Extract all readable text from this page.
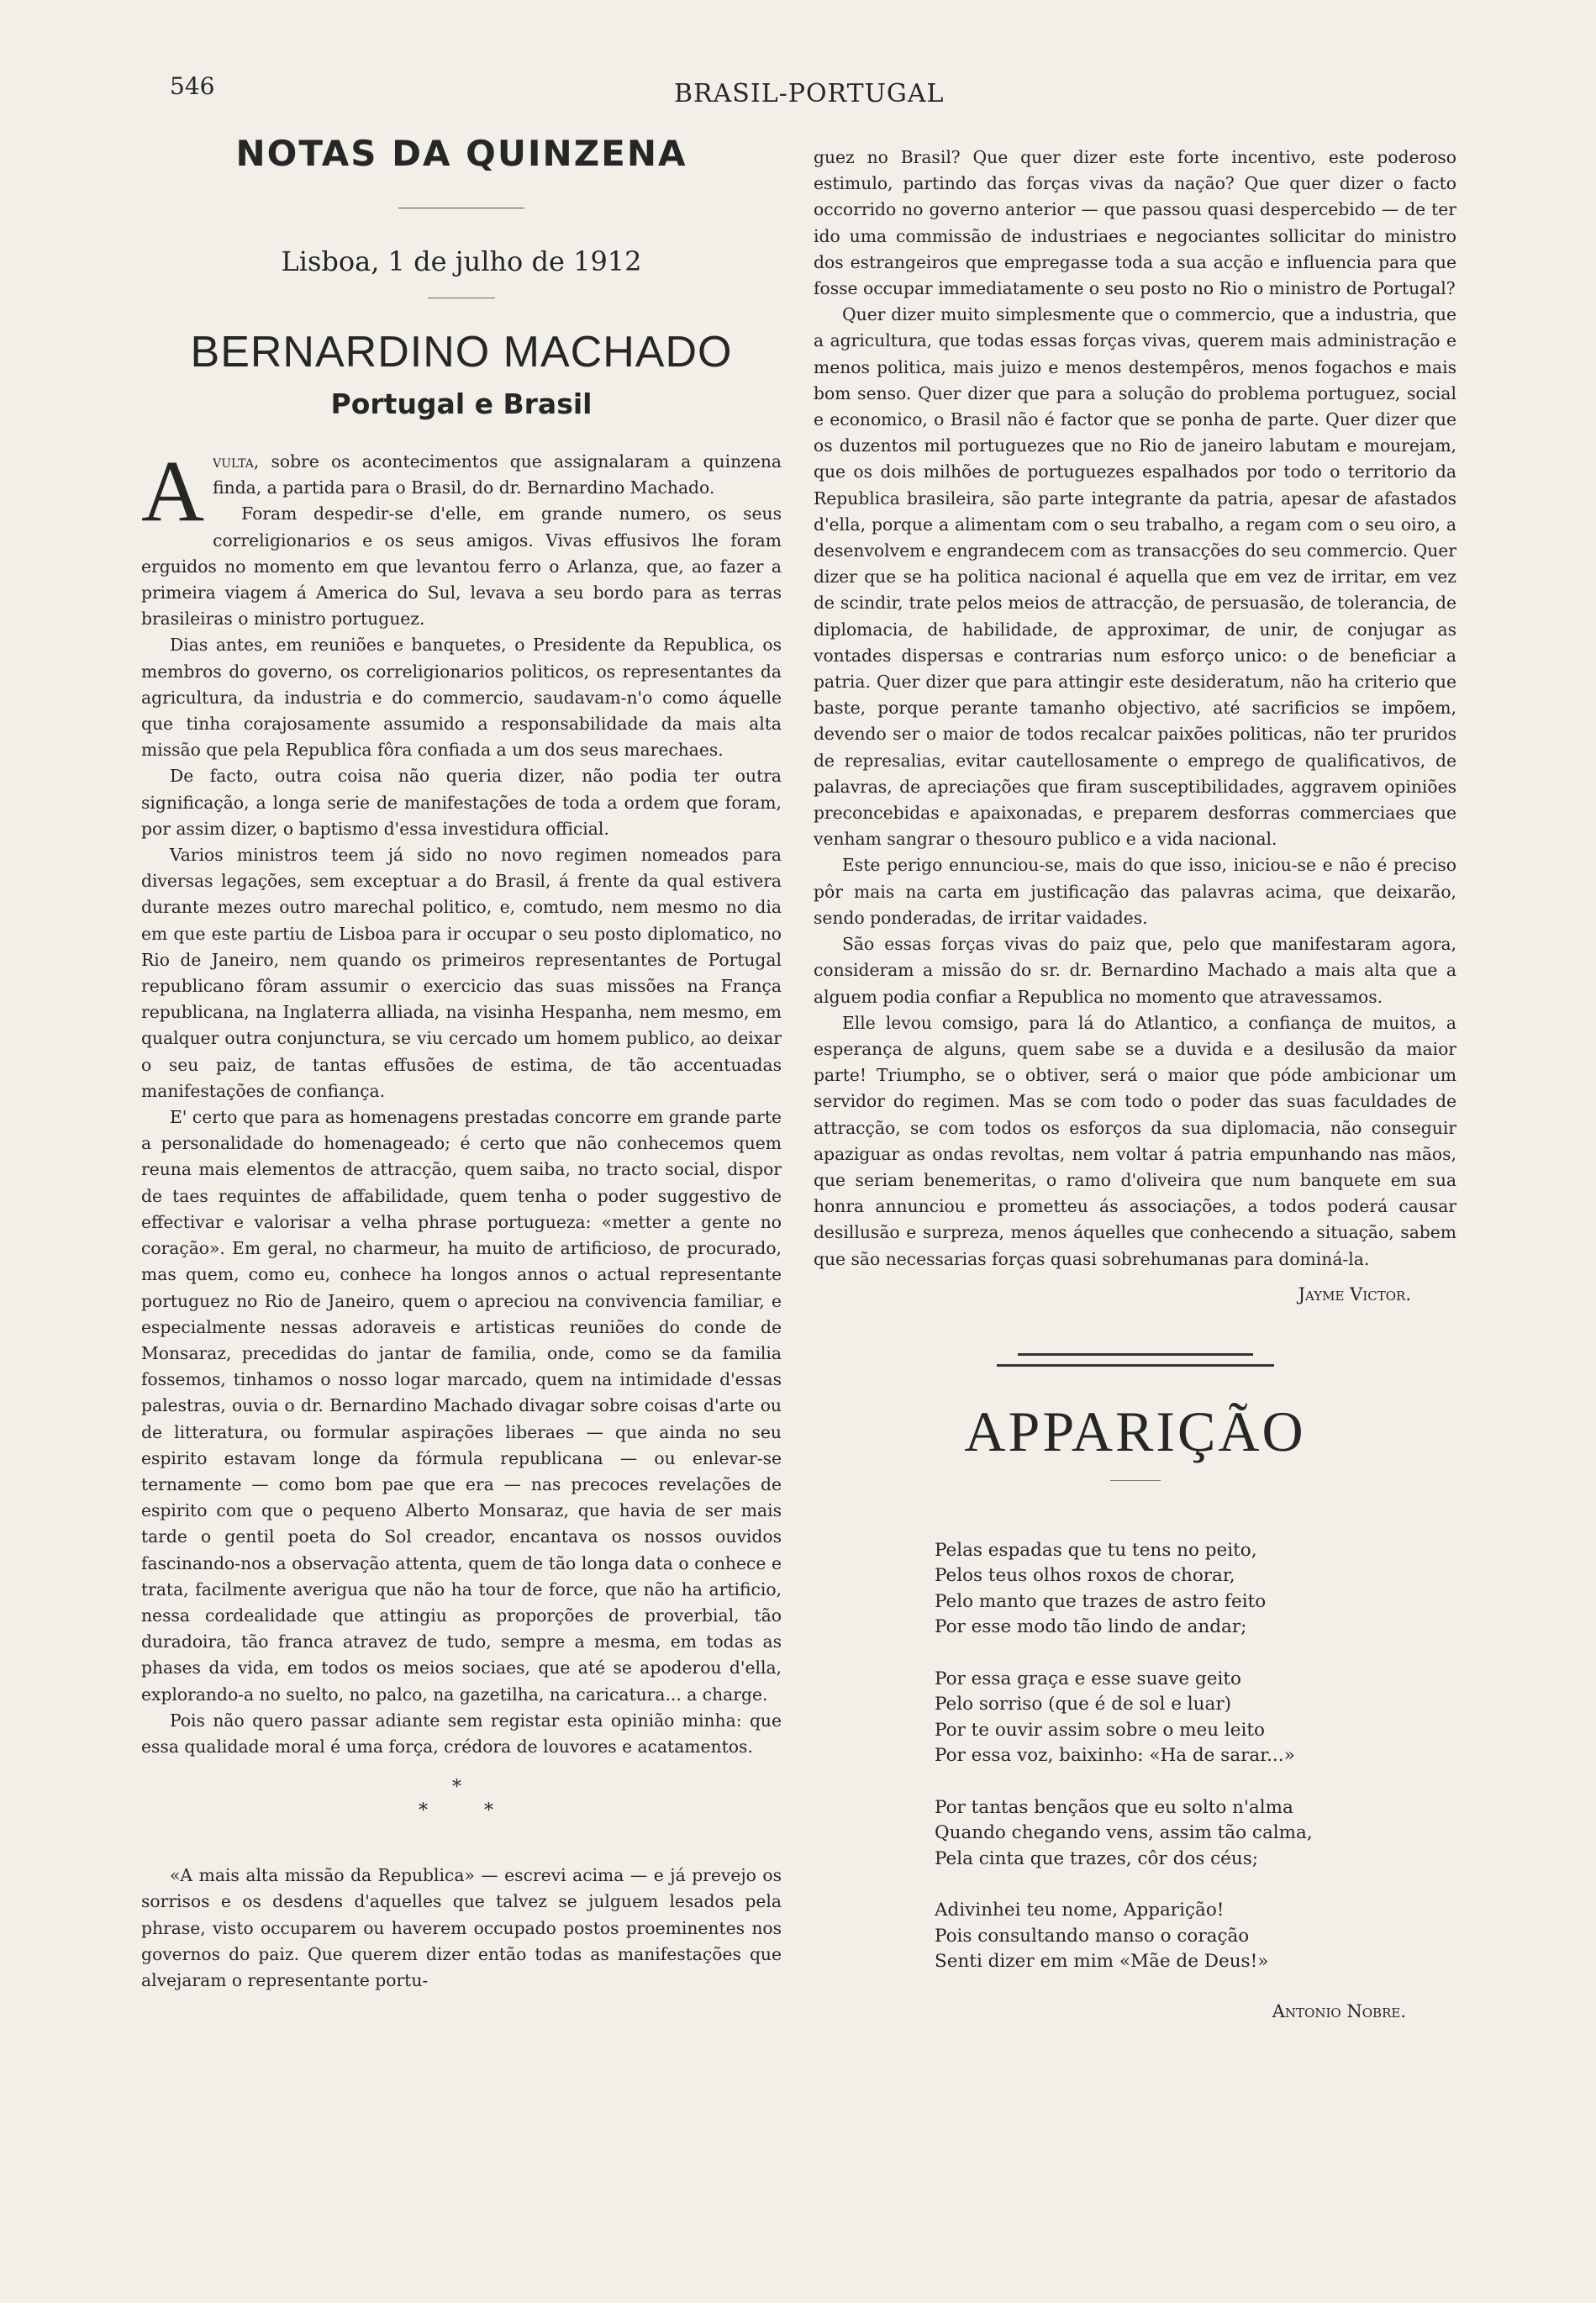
546	BRASIL-PORTUGAL
NOTAS DA QUINZENA
Lisboa, 1 de julho de 1912
BERNARDINO MACHADO
Portugal e Brasil

Avulta, sobre os acontecimentos que assignalaram a quinzena finda, a partida para o Brasil, do dr. Bernardino Machado.

Foram despedir-se d'elle, em grande numero, os seus correligionarios e os seus amigos. Vivas effusivos lhe foram erguidos no momento em que levantou ferro o Arlanza, que, ao fazer a primeira viagem á America do Sul, levava a seu bordo para as terras brasileiras o ministro portuguez.

Dias antes, em reuniões e banquetes, o Presidente da Republica, os membros do governo, os correligionarios politicos, os representantes da agricultura, da industria e do commercio, saudavam-n'o como áquelle que tinha corajosamente assumido a responsabilidade da mais alta missão que pela Republica fôra confiada a um dos seus marechaes.

De facto, outra coisa não queria dizer, não podia ter outra significação, a longa serie de manifestações de toda a ordem que foram, por assim dizer, o baptismo d'essa investidura official.

Varios ministros teem já sido no novo regimen nomeados para diversas legações, sem exceptuar a do Brasil, á frente da qual estivera durante mezes outro marechal politico, e, comtudo, nem mesmo no dia em que este partiu de Lisboa para ir occupar o seu posto diplomatico, no Rio de Janeiro, nem quando os primeiros representantes de Portugal republicano fôram assumir o exercicio das suas missões na França republicana, na Inglaterra alliada, na visinha Hespanha, nem mesmo, em qualquer outra conjunctura, se viu cercado um homem publico, ao deixar o seu paiz, de tantas effusões de estima, de tão accentuadas manifestações de confiança.

E' certo que para as homenagens prestadas concorre em grande parte a personalidade do homenageado; é certo que não conhecemos quem reuna mais elementos de attracção, quem saiba, no tracto social, dispor de taes requintes de affabilidade, quem tenha o poder suggestivo de effectivar e valorisar a velha phrase portugueza: «metter a gente no coração». Em geral, no charmeur, ha muito de artificioso, de procurado, mas quem, como eu, conhece ha longos annos o actual representante portuguez no Rio de Janeiro, quem o apreciou na convivencia familiar, e especialmente nessas adoraveis e artisticas reuniões do conde de Monsaraz, precedidas do jantar de familia, onde, como se da familia fossemos, tinhamos o nosso logar marcado, quem na intimidade d'essas palestras, ouvia o dr. Bernardino Machado divagar sobre coisas d'arte ou de litteratura, ou formular aspirações liberaes — que ainda no seu espirito estavam longe da fórmula republicana — ou enlevar-se ternamente — como bom pae que era — nas precoces revelações de espirito com que o pequeno Alberto Monsaraz, que havia de ser mais tarde o gentil poeta do Sol creador, encantava os nossos ouvidos fascinando-nos a observação attenta, quem de tão longa data o conhece e trata, facilmente averigua que não ha tour de force, que não ha artificio, nessa cordealidade que attingiu as proporções de proverbial, tão duradoira, tão franca atravez de tudo, sempre a mesma, em todas as phases da vida, em todos os meios sociaes, que até se apoderou d'ella, explorando-a no suelto, no palco, na gazetilha, na caricatura... a charge.

Pois não quero passar adiante sem registar esta opinião minha: que essa qualidade moral é uma força, crédora de louvores e acatamentos.

*
*	*

«A mais alta missão da Republica» — escrevi acima — e já prevejo os sorrisos e os desdens d'aquelles que talvez se julguem lesados pela phrase, visto occuparem ou haverem occupado postos proeminentes nos governos do paiz. Que querem dizer então todas as manifestações que alvejaram o representante portu-

guez no Brasil? Que quer dizer este forte incentivo, este poderoso estimulo, partindo das forças vivas da nação? Que quer dizer o facto occorrido no governo anterior — que passou quasi despercebido — de ter ido uma commissão de industriaes e negociantes sollicitar do ministro dos estrangeiros que empregasse toda a sua acção e influencia para que fosse occupar immediatamente o seu posto no Rio o ministro de Portugal?

Quer dizer muito simplesmente que o commercio, que a industria, que a agricultura, que todas essas forças vivas, querem mais administração e menos politica, mais juizo e menos destempêros, menos fogachos e mais bom senso. Quer dizer que para a solução do problema portuguez, social e economico, o Brasil não é factor que se ponha de parte. Quer dizer que os duzentos mil portuguezes que no Rio de janeiro labutam e mourejam, que os dois milhões de portuguezes espalhados por todo o territorio da Republica brasileira, são parte integrante da patria, apesar de afastados d'ella, porque a alimentam com o seu trabalho, a regam com o seu oiro, a desenvolvem e engrandecem com as transacções do seu commercio. Quer dizer que se ha politica nacional é aquella que em vez de irritar, em vez de scindir, trate pelos meios de attracção, de persuasão, de tolerancia, de diplomacia, de habilidade, de approximar, de unir, de conjugar as vontades dispersas e contrarias num esforço unico: o de beneficiar a patria. Quer dizer que para attingir este desideratum, não ha criterio que baste, porque perante tamanho objectivo, até sacrificios se impõem, devendo ser o maior de todos recalcar paixões politicas, não ter pruridos de represalias, evitar cautellosamente o emprego de qualificativos, de palavras, de apreciações que firam susceptibilidades, aggravem opiniões preconcebidas e apaixonadas, e preparem desforras commerciaes que venham sangrar o thesouro publico e a vida nacional.

Este perigo ennunciou-se, mais do que isso, iniciou-se e não é preciso pôr mais na carta em justificação das palavras acima, que deixarão, sendo ponderadas, de irritar vaidades.

São essas forças vivas do paiz que, pelo que manifestaram agora, consideram a missão do sr. dr. Bernardino Machado a mais alta que a alguem podia confiar a Republica no momento que atravessamos.

Elle levou comsigo, para lá do Atlantico, a confiança de muitos, a esperança de alguns, quem sabe se a duvida e a desilusão da maior parte! Triumpho, se o obtiver, será o maior que póde ambicionar um servidor do regimen. Mas se com todo o poder das suas faculdades de attracção, se com todos os esforços da sua diplomacia, não conseguir apaziguar as ondas revoltas, nem voltar á patria empunhando nas mãos, que seriam benemeritas, o ramo d'oliveira que num banquete em sua honra annunciou e prometteu ás associações, a todos poderá causar desillusão e surpreza, menos áquelles que conhecendo a situação, sabem que são necessarias forças quasi sobrehumanas para dominá-la.

Jayme Victor.
APPARIÇÃO
Pelas espadas que tu tens no peito,
Pelos teus olhos roxos de chorar,
Pelo manto que trazes de astro feito
Por esse modo tão lindo de andar;
Por essa graça e esse suave geito
Pelo sorriso (que é de sol e luar)
Por te ouvir assim sobre o meu leito
Por essa voz, baixinho: «Ha de sarar...»
Por tantas bençãos que eu solto n'alma
Quando chegando vens, assim tão calma,
Pela cinta que trazes, côr dos céus;
Adivinhei teu nome, Apparição!
Pois consultando manso o coração
Senti dizer em mim «Mãe de Deus!»
Antonio Nobre.
